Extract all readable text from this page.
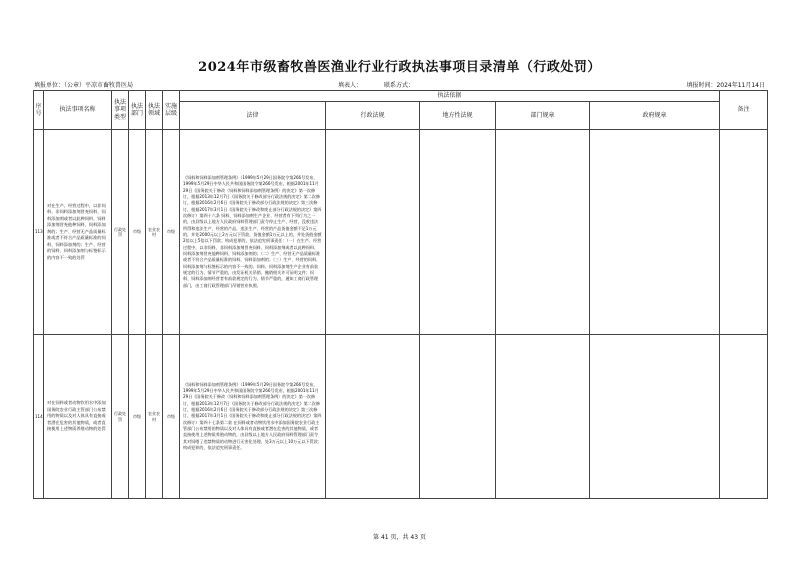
2024年市级畜牧兽医渔业行业行政执法事项目录清单（行政处罚）
填报单位：（公章）平凉市畜牧兽医局	填表人：	联系方式：	填报时间：2024年11月14日
序号	执法事项名称	执法事项类型	执法部门	执法领域	实施层级	执法依据					备注
						法律	行政法规	地方性法规	部门规章	政府规章	
113	对在生产、经营过程中，以非饲料、非饲料添加剂冒充饲料、饲料添加剂或者以此种饲料、饲料添加剂冒充他种饲料、饲料添加剂的；生产、经营无产品质量标准或者不符合产品质量标准的饲料、饲料添加剂的；生产、经营的饲料、饲料添加剂与标签标示的内容不一致的处罚	行政处罚	市级	农业农村	市级	《饲料和饲料添加剂管理条例》（1999年5月29日国务院令第266号发布，1999年5月29日中华人民共和国国务院令第266号发布，根据2001年11月29日《国务院关于修改〈饲料和饲料添加剂管理条例〉的决定》第一次修订，根据2013年12月7日《国务院关于修改部分行政法规的决定》第二次修订，根据2016年2月6日《国务院关于修改部分行政法规的决定》第三次修订，根据2017年3月1日《国务院关于修改和废止部分行政法规的决定》第四次修订）第四十六条 饲料、饲料添加剂生产企业、经营者有下列行为之一的，由县级以上地方人民政府饲料管理部门责令停止生产、经营，没收违法所得和违法生产、经营的产品，违法生产、经营的产品货值金额不足1万元的，并处2000元以上2万元以下罚款，货值金额1万元以上的，并处货值金额2倍以上5倍以下罚款；构成犯罪的，依法追究刑事责任：（一）在生产、经营过程中，以非饲料、非饲料添加剂冒充饲料、饲料添加剂或者以此种饲料、饲料添加剂冒充他种饲料、饲料添加剂的；（二）生产、经营无产品质量标准或者不符合产品质量标准的饲料、饲料添加剂的；（三）生产、经营的饲料、饲料添加剂与标签标示的内容不一致的。饲料、饲料添加剂生产企业有前款规定的行为，情节严重的，由发证机关吊销、撤销相关许可证明文件；饲料、饲料添加剂经营者有前款规定的行为，情节严重的，通知工商行政管理部门，由工商行政管理部门吊销营业执照。					
114	对在饲料或者动物饮用水中添加国务院农业行政主管部门公布禁用的物质以及对人体具有直接或者潜在危害的其他物质，或者直接使用上述物质养殖动物的处罚	行政处罚	市级	农业农村	市级	《饲料和饲料添加剂管理条例》（1999年5月29日国务院令第266号发布，1999年5月29日中华人民共和国国务院令第266号发布，根据2001年11月29日《国务院关于修改〈饲料和饲料添加剂管理条例〉的决定》第一次修订，根据2013年12月7日《国务院关于修改部分行政法规的决定》第二次修订，根据2016年2月6日《国务院关于修改部分行政法规的决定》第三次修订，根据2017年3月1日《国务院关于修改和废止部分行政法规的决定》第四次修订）第四十七条第二款 在饲料或者动物饮用水中添加国务院农业行政主管部门公布禁用的物质以及对人体具有直接或者潜在危害的其他物质，或者直接使用上述物质养殖动物的，由县级以上地方人民政府饲料管理部门责令其对饲喂了违禁物质的动物进行无害化处理，处3万元以上10万元以下罚款；构成犯罪的，依法追究刑事责任。					
第 41 页，共 43 页
